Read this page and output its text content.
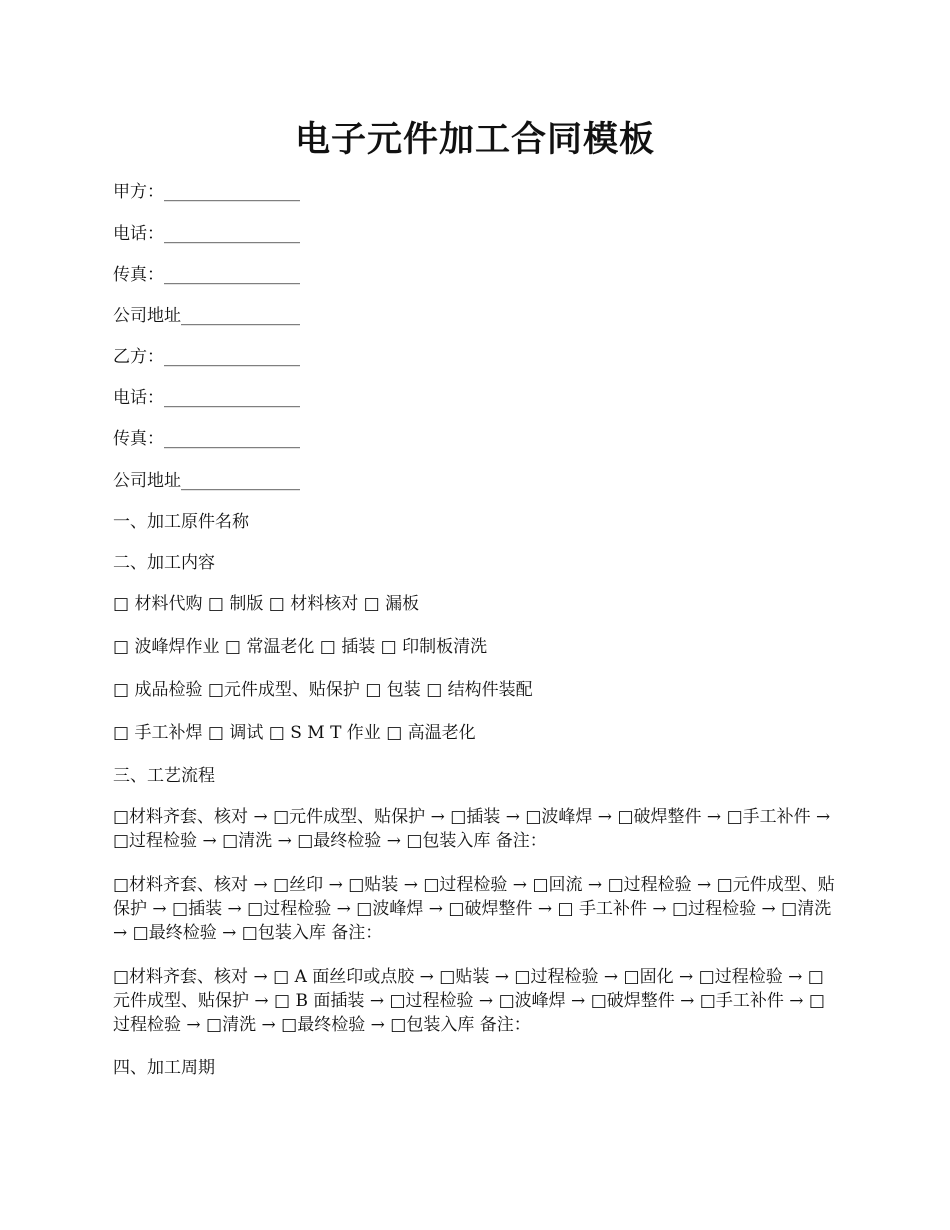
电子元件加工合同模板

甲方：________________

电话：________________

传真：________________

公司地址______________

乙方：________________

电话：________________

传真：________________

公司地址______________

一、加工原件名称

二、加工内容

□ 材料代购 □ 制版 □ 材料核对 □ 漏板

□ 波峰焊作业 □ 常温老化 □ 插装 □ 印制板清洗

□ 成品检验 □元件成型、贴保护 □ 包装 □ 结构件装配

□ 手工补焊 □ 调试 □ S M T 作业 □ 高温老化

三、工艺流程

□材料齐套、核对 → □元件成型、贴保护 → □插装 → □波峰焊 → □破焊整件 → □手工补件 → □过程检验 → □清洗 → □最终检验 → □包装入库 备注：

□材料齐套、核对 → □丝印 → □贴装 → □过程检验 → □回流 → □过程检验 → □元件成型、贴保护 → □插装 → □过程检验 → □波峰焊 → □破焊整件 → □ 手工补件 → □过程检验 → □清洗 → □最终检验 → □包装入库 备注：

□材料齐套、核对 → □ A 面丝印或点胶 → □贴装 → □过程检验 → □固化 → □过程检验 → □元件成型、贴保护 → □ B 面插装 → □过程检验 → □波峰焊 → □破焊整件 → □手工补件 → □过程检验 → □清洗 → □最终检验 → □包装入库 备注：

四、加工周期
